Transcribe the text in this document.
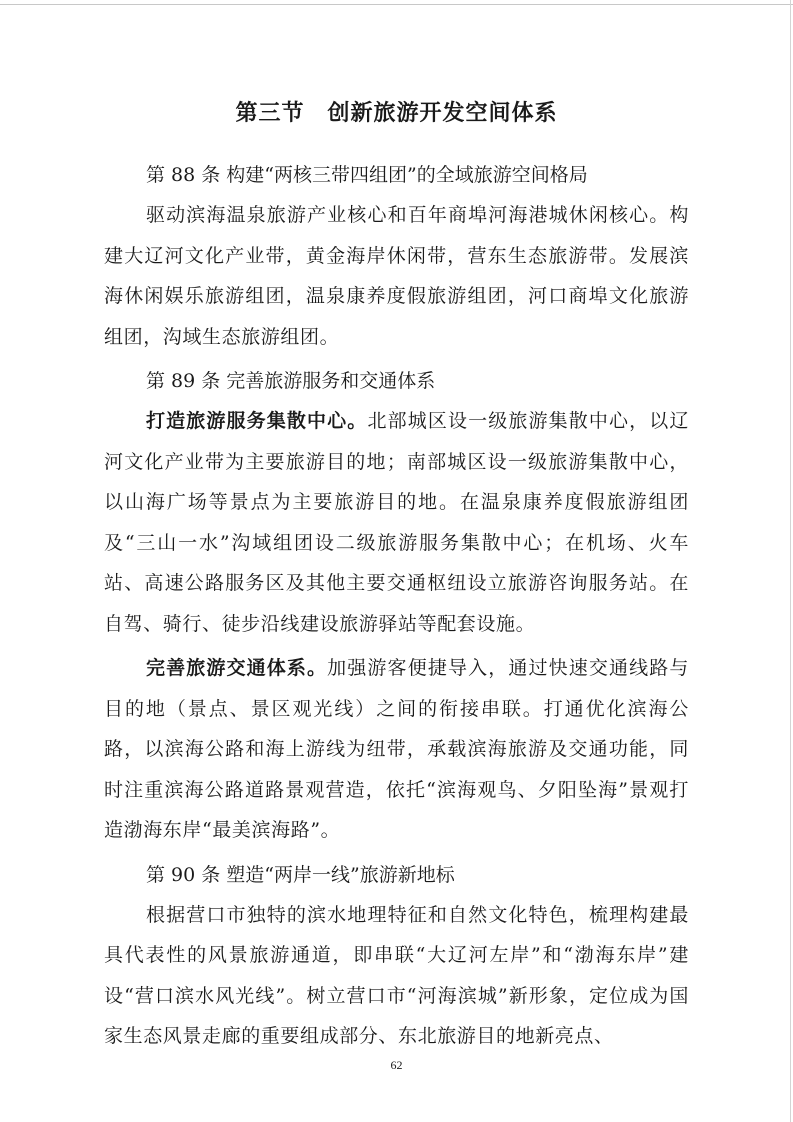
第三节　创新旅游开发空间体系

第 88 条 构建“两核三带四组团”的全域旅游空间格局

驱动滨海温泉旅游产业核心和百年商埠河海港城休闲核心。构建大辽河文化产业带，黄金海岸休闲带，营东生态旅游带。发展滨海休闲娱乐旅游组团，温泉康养度假旅游组团，河口商埠文化旅游组团，沟域生态旅游组团。

第 89 条 完善旅游服务和交通体系

打造旅游服务集散中心。北部城区设一级旅游集散中心，以辽河文化产业带为主要旅游目的地；南部城区设一级旅游集散中心，以山海广场等景点为主要旅游目的地。在温泉康养度假旅游组团及“三山一水”沟域组团设二级旅游服务集散中心；在机场、火车站、高速公路服务区及其他主要交通枢纽设立旅游咨询服务站。在自驾、骑行、徒步沿线建设旅游驿站等配套设施。

完善旅游交通体系。加强游客便捷导入，通过快速交通线路与目的地（景点、景区观光线）之间的衔接串联。打通优化滨海公路，以滨海公路和海上游线为纽带，承载滨海旅游及交通功能，同时注重滨海公路道路景观营造，依托“滨海观鸟、夕阳坠海”景观打造渤海东岸“最美滨海路”。

第 90 条 塑造“两岸一线”旅游新地标

根据营口市独特的滨水地理特征和自然文化特色，梳理构建最具代表性的风景旅游通道，即串联“大辽河左岸”和“渤海东岸”建设“营口滨水风光线”。树立营口市“河海滨城”新形象，定位成为国家生态风景走廊的重要组成部分、东北旅游目的地新亮点、

62
